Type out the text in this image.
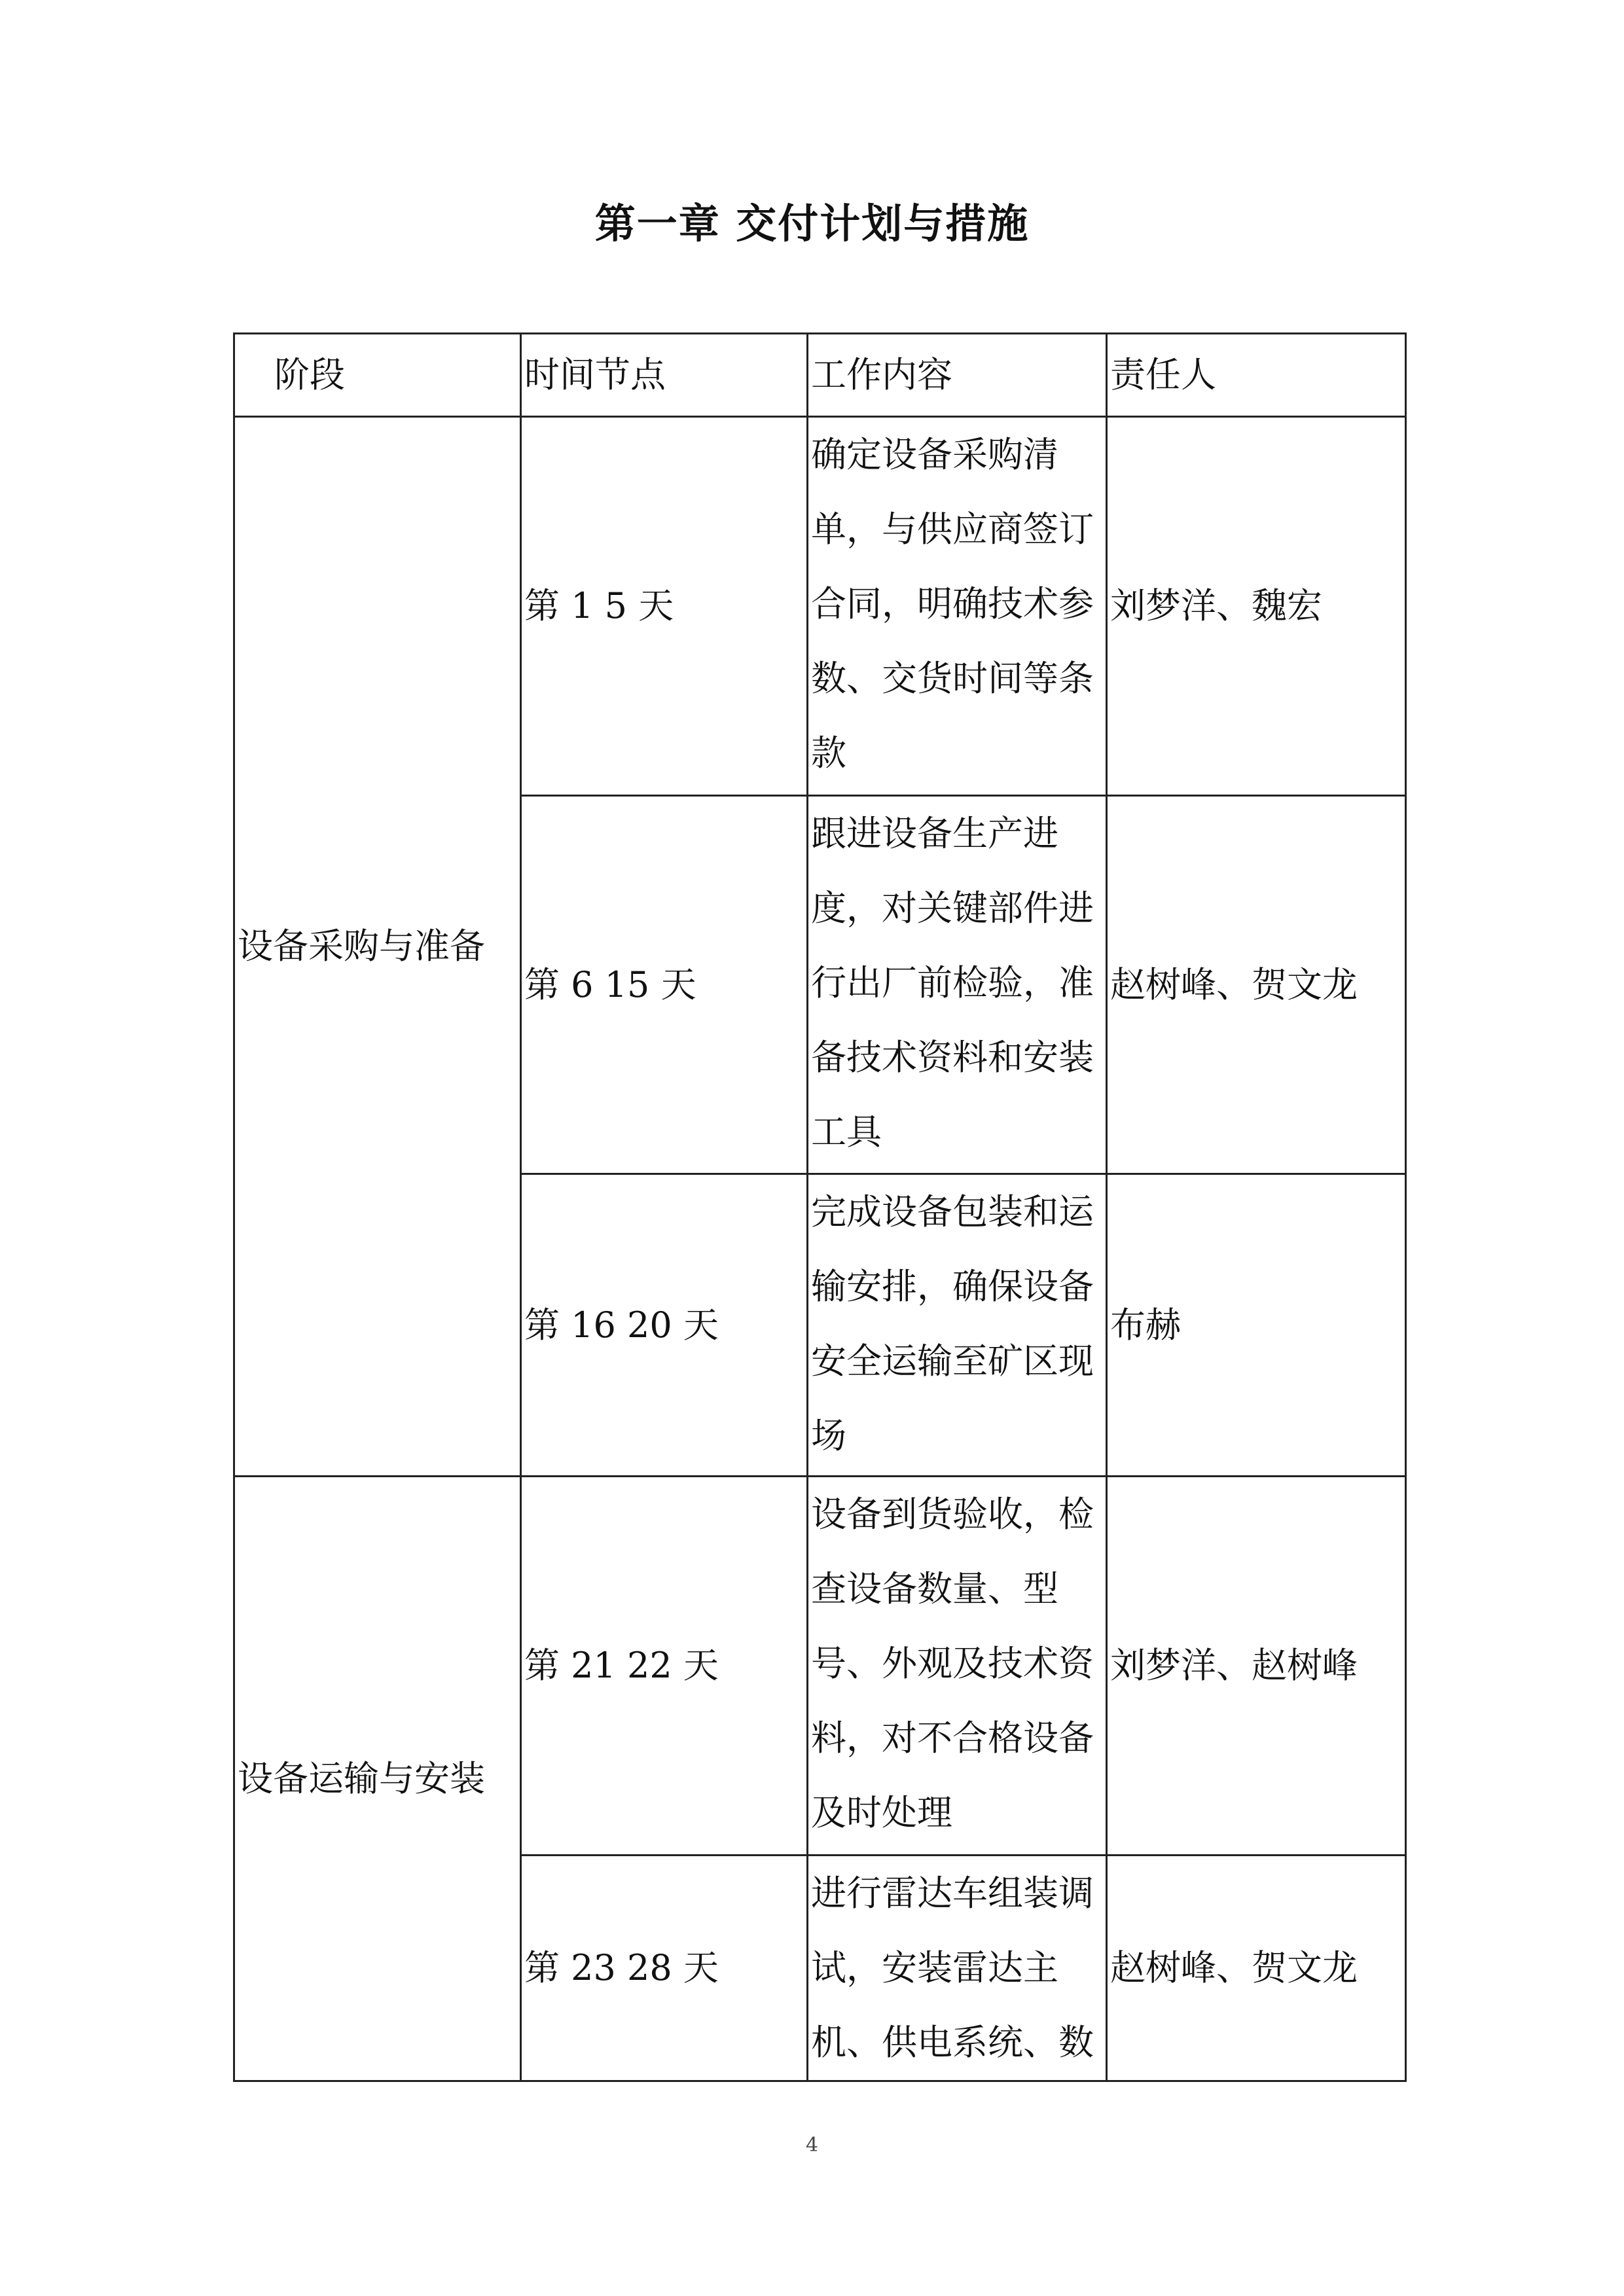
第一章 交付计划与措施
阶段	时间节点	工作内容	责任人
设备采购与准备	第 1 5 天	确定设备采购清单，与供应商签订合同，明确技术参数、交货时间等条款	刘梦洋、魏宏
	第 6 15 天	跟进设备生产进度，对关键部件进行出厂前检验，准备技术资料和安装工具	赵树峰、贺文龙
	第 16 20 天	完成设备包装和运输安排，确保设备安全运输至矿区现场	布赫
设备运输与安装	第 21 22 天	设备到货验收，检查设备数量、型号、外观及技术资料，对不合格设备及时处理	刘梦洋、赵树峰
	第 23 28 天	进行雷达车组装调试，安装雷达主机、供电系统、数	赵树峰、贺文龙
4
